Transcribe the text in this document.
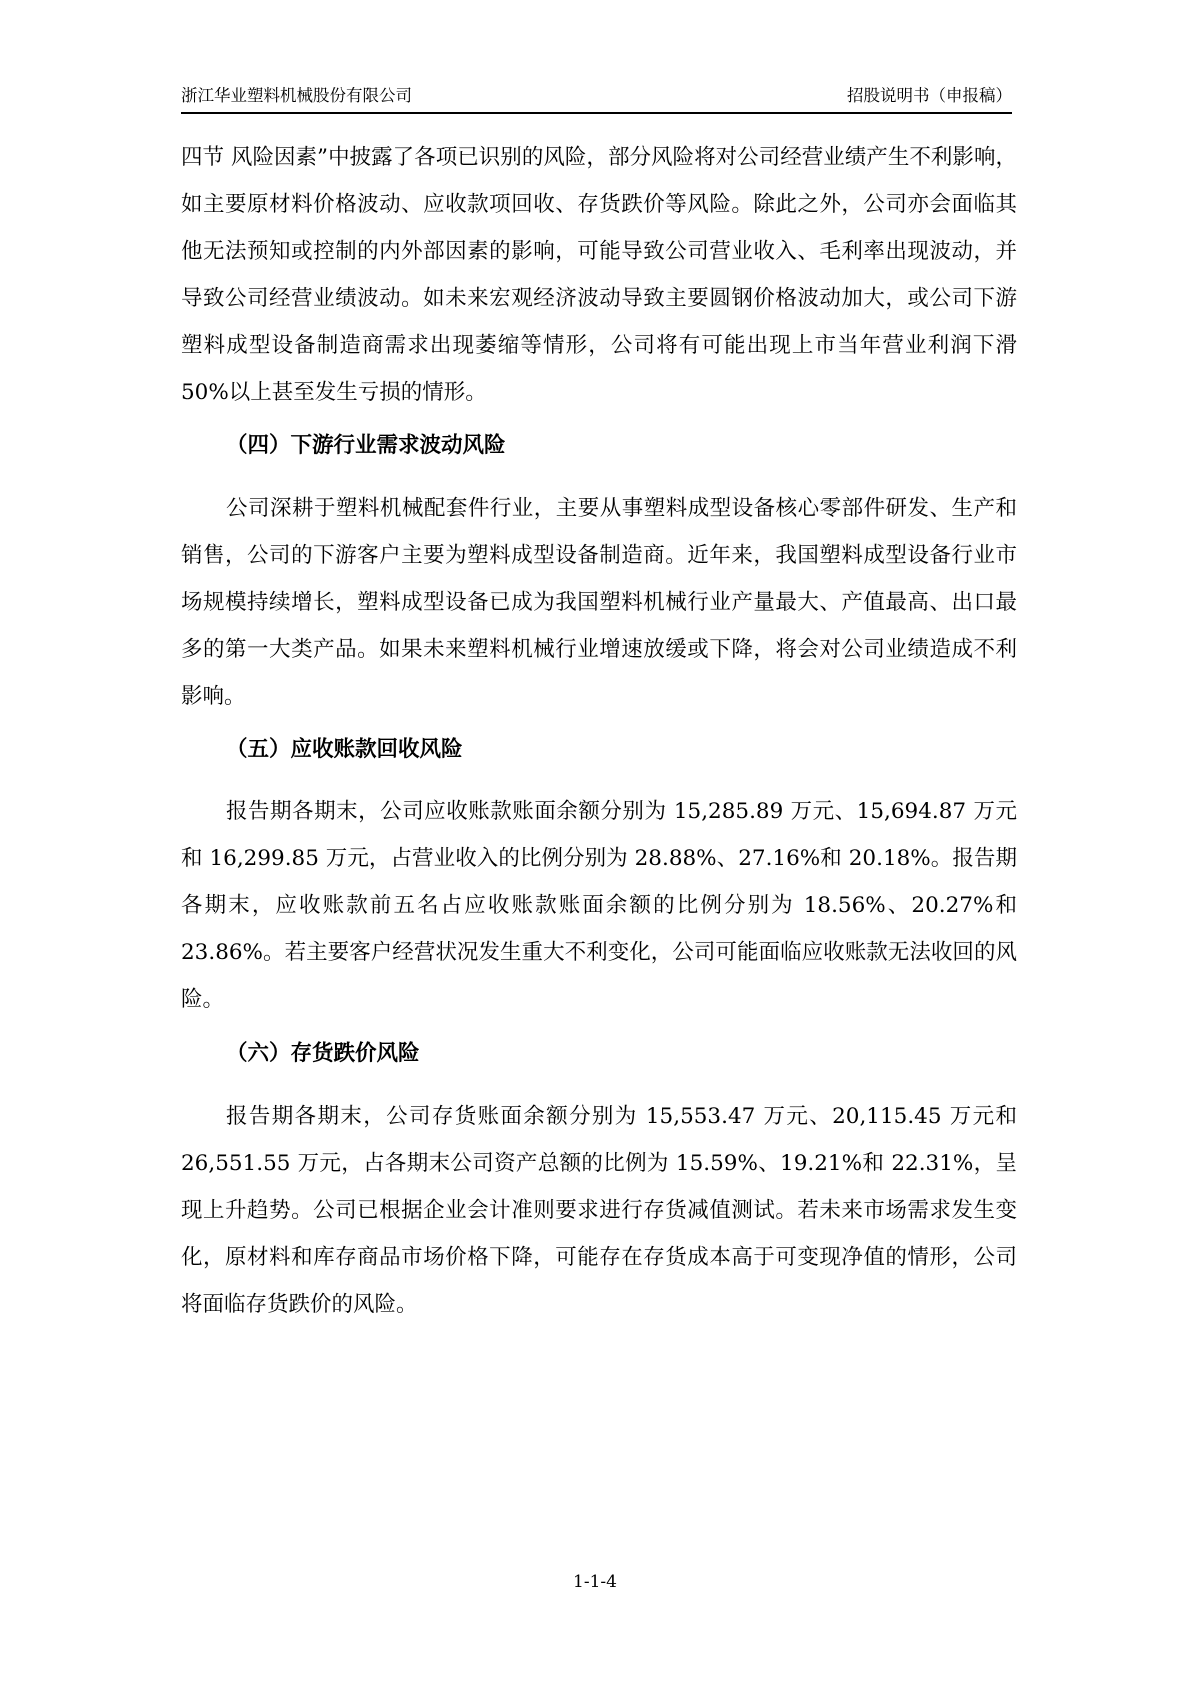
浙江华业塑料机械股份有限公司	招股说明书（申报稿）

四节 风险因素”中披露了各项已识别的风险，部分风险将对公司经营业绩产生不利影响，如主要原材料价格波动、应收款项回收、存货跌价等风险。除此之外，公司亦会面临其他无法预知或控制的内外部因素的影响，可能导致公司营业收入、毛利率出现波动，并导致公司经营业绩波动。如未来宏观经济波动导致主要圆钢价格波动加大，或公司下游塑料成型设备制造商需求出现萎缩等情形，公司将有可能出现上市当年营业利润下滑 50%以上甚至发生亏损的情形。

（四）下游行业需求波动风险

公司深耕于塑料机械配套件行业，主要从事塑料成型设备核心零部件研发、生产和销售，公司的下游客户主要为塑料成型设备制造商。近年来，我国塑料成型设备行业市场规模持续增长，塑料成型设备已成为我国塑料机械行业产量最大、产值最高、出口最多的第一大类产品。如果未来塑料机械行业增速放缓或下降，将会对公司业绩造成不利影响。

（五）应收账款回收风险

报告期各期末，公司应收账款账面余额分别为 15,285.89 万元、15,694.87 万元和 16,299.85 万元，占营业收入的比例分别为 28.88%、27.16%和 20.18%。报告期各期末，应收账款前五名占应收账款账面余额的比例分别为 18.56%、20.27%和 23.86%。若主要客户经营状况发生重大不利变化，公司可能面临应收账款无法收回的风险。

（六）存货跌价风险

报告期各期末，公司存货账面余额分别为 15,553.47 万元、20,115.45 万元和 26,551.55 万元，占各期末公司资产总额的比例为 15.59%、19.21%和 22.31%，呈现上升趋势。公司已根据企业会计准则要求进行存货减值测试。若未来市场需求发生变化，原材料和库存商品市场价格下降，可能存在存货成本高于可变现净值的情形，公司将面临存货跌价的风险。

1-1-4
